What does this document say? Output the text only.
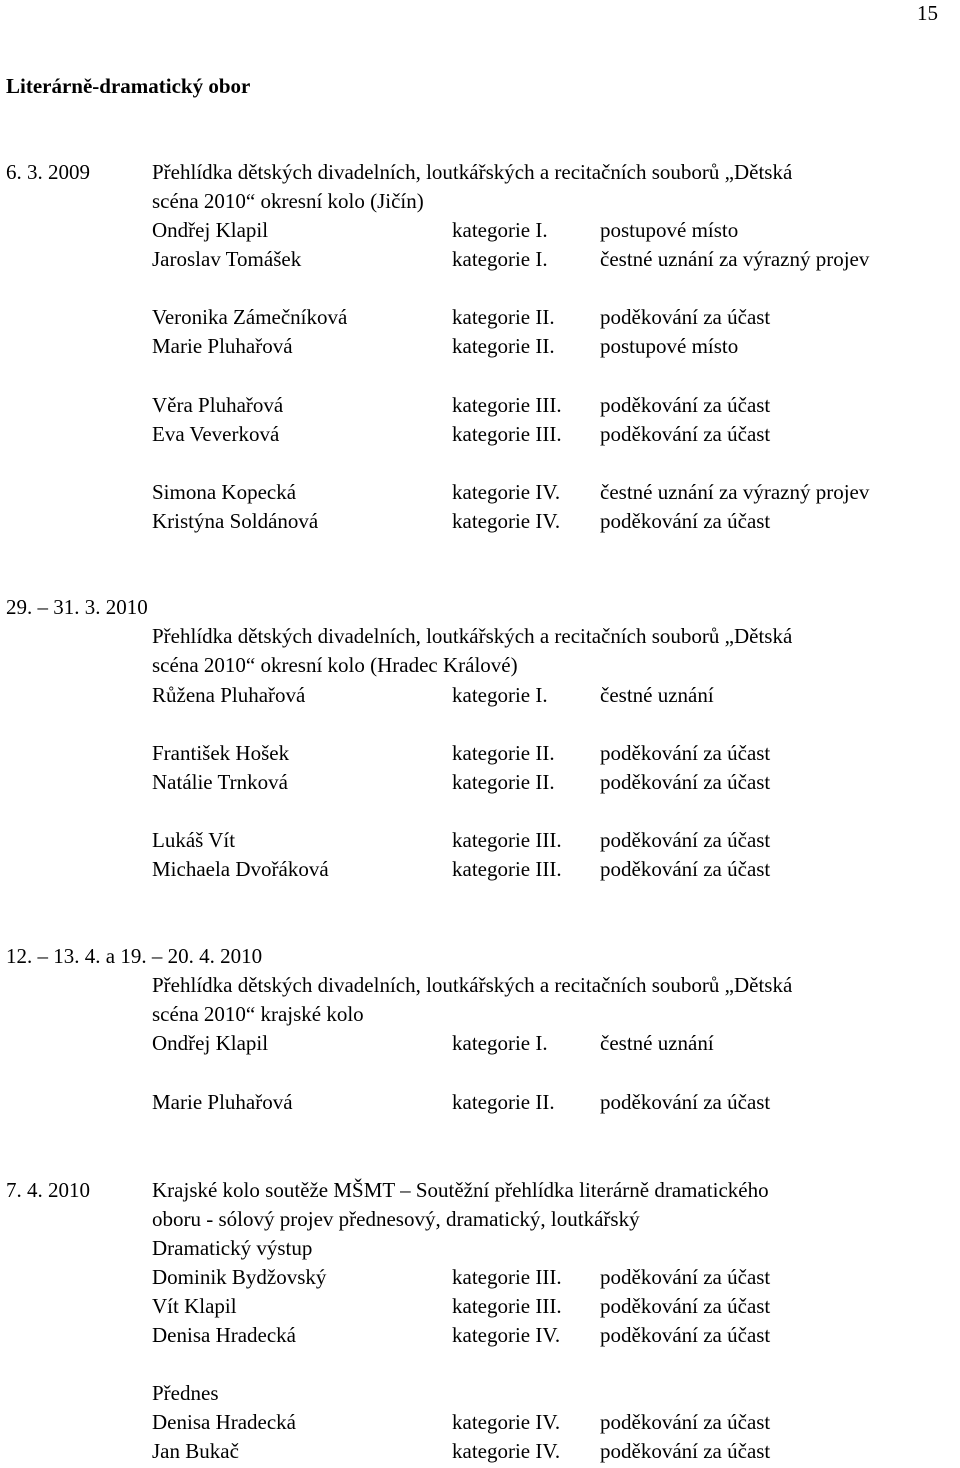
15
Literárně-dramatický obor
6. 3. 2009	Přehlídka dětských divadelních, loutkářských a recitačních souborů „Dětská
scéna 2010“ okresní kolo (Jičín)
Ondřej Klapil	kategorie I. postupové místo
Jaroslav Tomášek	kategorie I. čestné uznání za výrazný projev
Veronika Zámečníková	kategorie II. poděkování za účast
Marie Pluhařová	kategorie II. postupové místo
Věra Pluhařová	kategorie III. poděkování za účast
Eva Veverková	kategorie III. poděkování za účast
Simona Kopecká	kategorie IV. čestné uznání za výrazný projev
Kristýna Soldánová	kategorie IV. poděkování za účast
29. – 31. 3. 2010
Přehlídka dětských divadelních, loutkářských a recitačních souborů „Dětská
scéna 2010“ okresní kolo (Hradec Králové)
Růžena Pluhařová	kategorie I. čestné uznání
František Hošek	kategorie II. poděkování za účast
Natálie Trnková	kategorie II. poděkování za účast
Lukáš Vít	kategorie III. poděkování za účast
Michaela Dvořáková	kategorie III. poděkování za účast
12. – 13. 4. a 19. – 20. 4. 2010
Přehlídka dětských divadelních, loutkářských a recitačních souborů „Dětská
scéna 2010“ krajské kolo
Ondřej Klapil	kategorie I. čestné uznání
Marie Pluhařová	kategorie II. poděkování za účast
7. 4. 2010	Krajské kolo soutěže MŠMT – Soutěžní přehlídka literárně dramatického
oboru - sólový projev přednesový, dramatický, loutkářský
Dramatický výstup
Dominik Bydžovský	kategorie III. poděkování za účast
Vít Klapil	kategorie III. poděkování za účast
Denisa Hradecká	kategorie IV. poděkování za účast
Přednes
Denisa Hradecká	kategorie IV. poděkování za účast
Jan Bukač	kategorie IV. poděkování za účast
